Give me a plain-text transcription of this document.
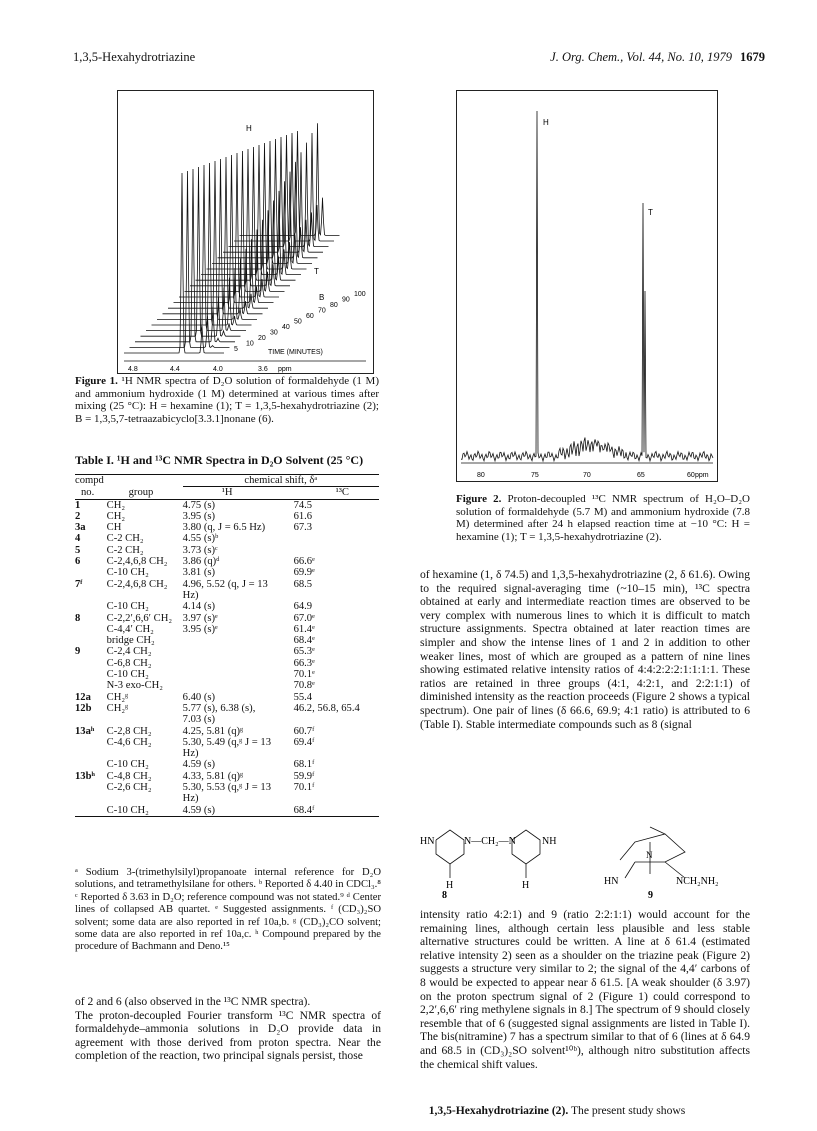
1,3,5-Hexahydrotriazine	J. Org. Chem., Vol. 44, No. 10, 1979 1679
4.8	4.4	4.0	3.6 ppm
5
10
20
30
40
50
60
70
80
90
100
H
T
B
TIME (MINUTES)
Figure 1. ¹H NMR spectra of D₂O solution of formaldehyde (1 M) and ammonium hydroxide (1 M) determined at various times after mixing (25 °C): H = hexamine (1); T = 1,3,5-hexahydrotriazine (2); B = 1,3,5,7-tetraazabicyclo[3.3.1]nonane (6).
80	75	70	65	60 ppm
H
T
Figure 2. Proton-decoupled ¹³C NMR spectrum of H₂O–D₂O solution of formaldehyde (5.7 M) and ammonium hydroxide (7.8 M) determined after 24 h elapsed reaction time at −10 °C: H = hexamine (1); T = 1,3,5-hexahydrotriazine (2).
Table I. ¹H and ¹³C NMR Spectra in D₂O Solvent (25 °C)
compd		chemical shift, δᵃ	
no.	group	¹H	¹³C
1	CH₂	4.75 (s)	74.5
2	CH₂	3.95 (s)	61.6
3a	CH	3.80 (q, J = 6.5 Hz)	67.3
4	C-2 CH₂	4.55 (s)ᵇ	
5	C-2 CH₂	3.73 (s)ᶜ	
6	C-2,4,6,8 CH₂	3.86 (q)ᵈ	66.6ᵉ
	C-10 CH₂	3.81 (s)	69.9ᵉ
7ᶠ	C-2,4,6,8 CH₂	4.96, 5.52 (q, J = 13 Hz)	68.5
	C-10 CH₂	4.14 (s)	64.9
8	C-2,2′,6,6′ CH₂	3.97 (s)ᵉ	67.0ᵉ
	C-4,4′ CH₂	3.95 (s)ᵉ	61.4ᵉ
	bridge CH₂		68.4ᵉ
9	C-2,4 CH₂		65.3ᵉ
	C-6,8 CH₂		66.3ᵉ
	C-10 CH₂		70.1ᵉ
	N-3 exo-CH₂		70.8ᵉ
12a	CH₂ᵍ	6.40 (s)	55.4
12b	CH₂ᵍ	5.77 (s), 6.38 (s), 7.03 (s)	46.2, 56.8, 65.4
13aʰ	C-2,8 CH₂	4.25, 5.81 (q)ᵍ	60.7ᶠ
	C-4,6 CH₂	5.30, 5.49 (q,ᵍ J = 13 Hz)	69.4ᶠ
	C-10 CH₂	4.59 (s)	68.1ᶠ
13bʰ	C-4,8 CH₂	4.33, 5.81 (q)ᵍ	59.9ᶠ
	C-2,6 CH₂	5.30, 5.53 (q,ᵍ J = 13 Hz)	70.1ᶠ
	C-10 CH₂	4.59 (s)	68.4ᶠ
ᵃ Sodium 3-(trimethylsilyl)propanoate internal reference for D₂O solutions, and tetramethylsilane for others. ᵇ Reported δ 4.40 in CDCl₃.⁸ ᶜ Reported δ 3.63 in D₂O; reference compound was not stated.⁹ ᵈ Center lines of collapsed AB quartet. ᵉ Suggested assignments. ᶠ (CD₃)₂SO solvent; some data are also reported in ref 10a,b. ᵍ (CD₃)₂CO solvent; some data are also reported in ref 10a,c. ʰ Compound prepared by the procedure of Bachmann and Deno.¹⁵
of 2 and 6 (also observed in the ¹³C NMR spectra).
The proton-decoupled Fourier transform ¹³C NMR spectra of formaldehyde–ammonia solutions in D₂O provide data in agreement with those derived from proton spectra. Near the completion of the reaction, two principal signals persist, those
of hexamine (1, δ 74.5) and 1,3,5-hexahydrotriazine (2, δ 61.6). Owing to the required signal-averaging time (~10–15 min), ¹³C spectra obtained at early and intermediate reaction times are observed to be very complex with numerous lines to which it is difficult to match structure assignments. Spectra obtained at later reaction times are simpler and show the intense lines of 1 and 2 in addition to other weaker lines, most of which are grouped as a pattern of nine lines showing estimated relative intensity ratios of 4:4:2:2:2:1:1:1:1. These ratios are retained in three groups (4:1, 4:2:1, and 2:2:1:1) of diminished intensity as the reaction proceeds (Figure 2 shows a typical spectrum). One pair of lines (δ 66.6, 69.9; 4:1 ratio) is attributed to 6 (Table I). Stable intermediate compounds such as 8 (signal
8	9
HN	N—CH₂—N	NH
H	H	HN	NCH₂NH₂
N
intensity ratio 4:2:1) and 9 (ratio 2:2:1:1) would account for the remaining lines, although certain less plausible and less stable alternative structures could be written. A line at δ 61.4 (estimated relative intensity 2) seen as a shoulder on the triazine peak (Figure 2) suggests a structure very similar to 2; the signal of the 4,4′ carbons of 8 would be expected to appear near δ 61.5. [A weak shoulder (δ 3.97) on the proton spectrum signal of 2 (Figure 1) could correspond to 2,2′,6,6′ ring methylene signals in 8.] The spectrum of 9 should closely resemble that of 6 (suggested signal assignments are listed in Table I). The bis(nitramine) 7 has a spectrum similar to that of 6 (lines at δ 64.9 and 68.5 in (CD₃)₂SO solvent¹⁰ᵇ), although nitro substitution affects the chemical shift values.
1,3,5-Hexahydrotriazine (2). The present study shows
